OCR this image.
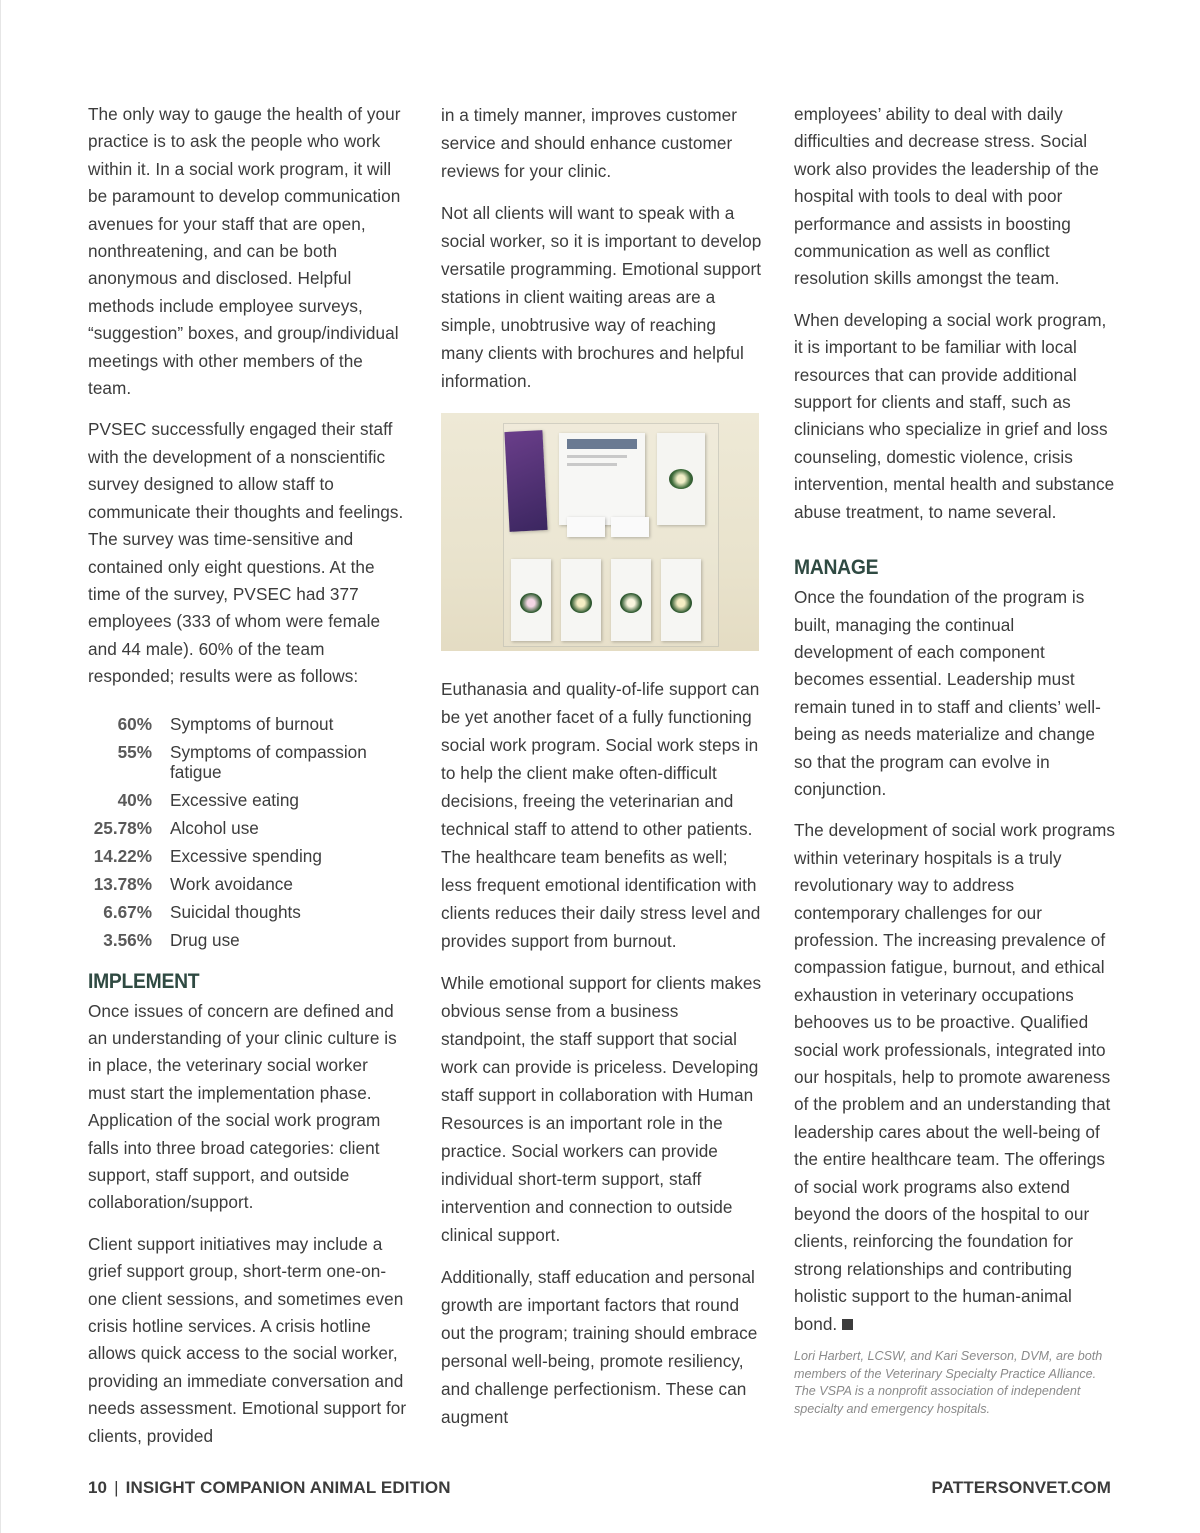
The only way to gauge the health of your practice is to ask the people who work within it. In a social work program, it will be paramount to develop communication avenues for your staff that are open, nonthreatening, and can be both anonymous and disclosed. Helpful methods include employee surveys, “suggestion” boxes, and group/individual meetings with other members of the team.

PVSEC successfully engaged their staff with the development of a nonscientific survey designed to allow staff to communicate their thoughts and feelings. The survey was time-sensitive and contained only eight questions. At the time of the survey, PVSEC had 377 employees (333 of whom were female and 44 male). 60% of the team responded; results were as follows:

60%	Symptoms of burnout
55%	Symptoms of compassion fatigue
40%	Excessive eating
25.78%	Alcohol use
14.22%	Excessive spending
13.78%	Work avoidance
6.67%	Suicidal thoughts
3.56%	Drug use
IMPLEMENT

Once issues of concern are defined and an understanding of your clinic culture is in place, the veterinary social worker must start the implementation phase. Application of the social work program falls into three broad categories: client support, staff support, and outside collaboration/support.

Client support initiatives may include a grief support group, short-term one-on-one client sessions, and sometimes even crisis hotline services. A crisis hotline allows quick access to the social worker, providing an immediate conversation and needs assessment. Emotional support for clients, provided

in a timely manner, improves customer service and should enhance customer reviews for your clinic.

Not all clients will want to speak with a social worker, so it is important to develop versatile programming. Emotional support stations in client waiting areas are a simple, unobtrusive way of reaching many clients with brochures and helpful information.

Euthanasia and quality-of-life support can be yet another facet of a fully functioning social work program. Social work steps in to help the client make often-difficult decisions, freeing the veterinarian and technical staff to attend to other patients. The healthcare team benefits as well; less frequent emotional identification with clients reduces their daily stress level and provides support from burnout.

While emotional support for clients makes obvious sense from a business standpoint, the staff support that social work can provide is priceless. Developing staff support in collaboration with Human Resources is an important role in the practice. Social workers can provide individual short-term support, staff intervention and connection to outside clinical support.

Additionally, staff education and personal growth are important factors that round out the program; training should embrace personal well-being, promote resiliency, and challenge perfectionism. These can augment

employees’ ability to deal with daily difficulties and decrease stress. Social work also provides the leadership of the hospital with tools to deal with poor performance and assists in boosting communication as well as conflict resolution skills amongst the team.

When developing a social work program, it is important to be familiar with local resources that can provide additional support for clients and staff, such as clinicians who specialize in grief and loss counseling, domestic violence, crisis intervention, mental health and substance abuse treatment, to name several.

MANAGE

Once the foundation of the program is built, managing the continual development of each component becomes essential. Leadership must remain tuned in to staff and clients’ well-being as needs materialize and change so that the program can evolve in conjunction.

The development of social work programs within veterinary hospitals is a truly revolutionary way to address contemporary challenges for our profession. The increasing prevalence of compassion fatigue, burnout, and ethical exhaustion in veterinary occupations behooves us to be proactive. Qualified social work professionals, integrated into our hospitals, help to promote awareness of the problem and an understanding that leadership cares about the well-being of the entire healthcare team. The offerings of social work programs also extend beyond the doors of the hospital to our clients, reinforcing the foundation for strong relationships and contributing holistic support to the human-animal bond.

Lori Harbert, LCSW, and Kari Severson, DVM, are both members of the Veterinary Specialty Practice Alliance. The VSPA is a nonprofit association of independent specialty and emergency hospitals.
10 | INSIGHT COMPANION ANIMAL EDITION	PATTERSONVET.COM
